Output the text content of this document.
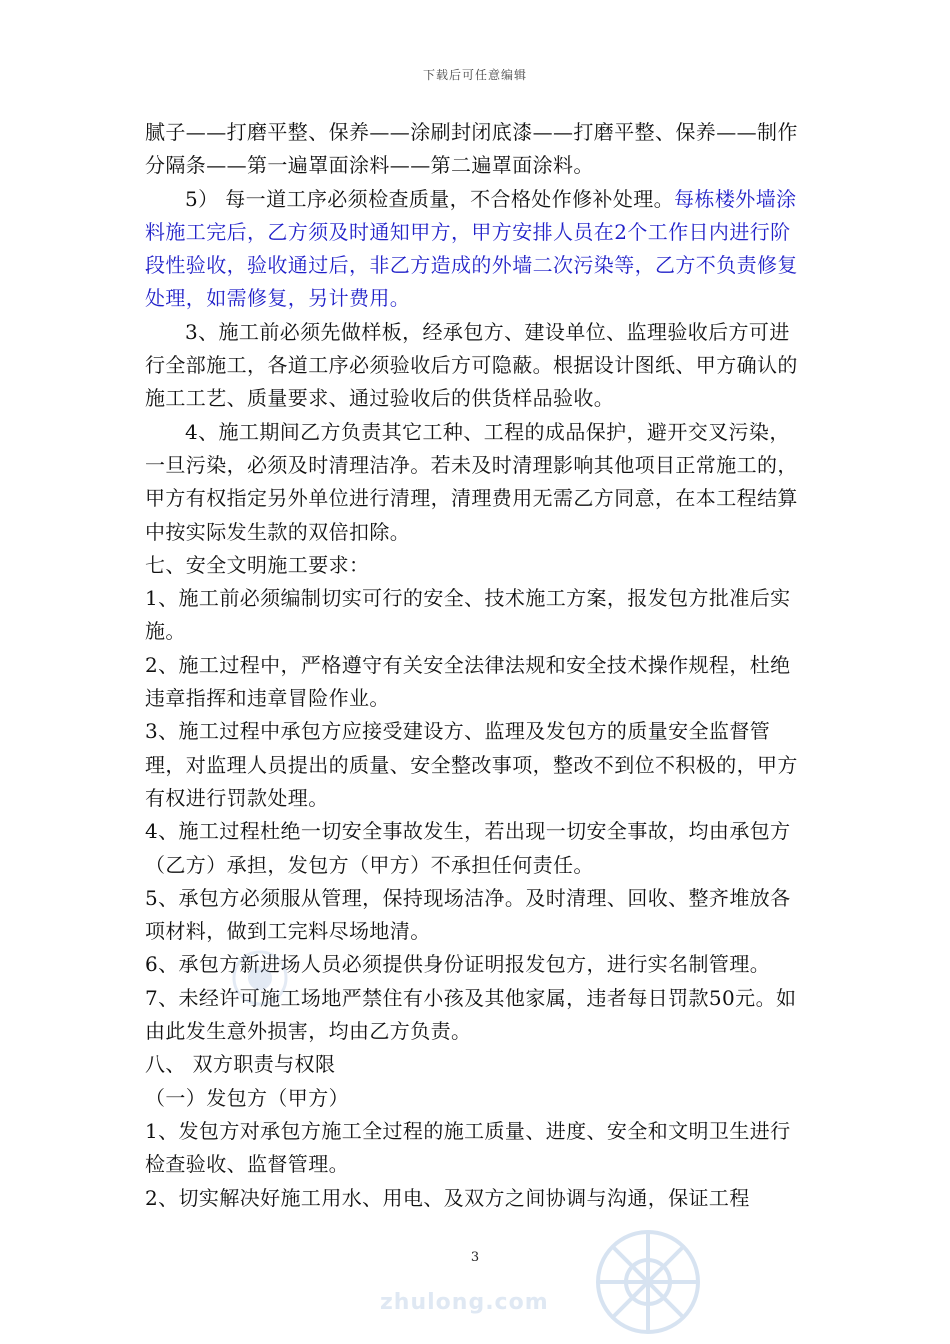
下载后可任意编辑

腻子——打磨平整、保养——涂刷封闭底漆——打磨平整、保养——制作分隔条——第一遍罩面涂料——第二遍罩面涂料。

5） 每一道工序必须检查质量，不合格处作修补处理。每栋楼外墙涂料施工完后，乙方须及时通知甲方，甲方安排人员在2个工作日内进行阶段性验收，验收通过后，非乙方造成的外墙二次污染等，乙方不负责修复处理，如需修复，另计费用。

3、施工前必须先做样板，经承包方、建设单位、监理验收后方可进行全部施工，各道工序必须验收后方可隐蔽。根据设计图纸、甲方确认的施工工艺、质量要求、通过验收后的供货样品验收。

4、施工期间乙方负责其它工种、工程的成品保护，避开交叉污染，一旦污染，必须及时清理洁净。若未及时清理影响其他项目正常施工的，甲方有权指定另外单位进行清理，清理费用无需乙方同意，在本工程结算中按实际发生款的双倍扣除。

七、安全文明施工要求：

1、施工前必须编制切实可行的安全、技术施工方案，报发包方批准后实施。

2、施工过程中，严格遵守有关安全法律法规和安全技术操作规程，杜绝违章指挥和违章冒险作业。

3、施工过程中承包方应接受建设方、监理及发包方的质量安全监督管理，对监理人员提出的质量、安全整改事项，整改不到位不积极的，甲方有权进行罚款处理。

4、施工过程杜绝一切安全事故发生，若出现一切安全事故，均由承包方（乙方）承担，发包方（甲方）不承担任何责任。

5、承包方必须服从管理，保持现场洁净。及时清理、回收、整齐堆放各项材料，做到工完料尽场地清。

6、承包方新进场人员必须提供身份证明报发包方，进行实名制管理。

7、未经许可施工场地严禁住有小孩及其他家属，违者每日罚款50元。如由此发生意外损害，均由乙方负责。

八、 双方职责与权限

（一）发包方（甲方）

1、发包方对承包方施工全过程的施工质量、进度、安全和文明卫生进行检查验收、监督管理。

2、切实解决好施工用水、用电、及双方之间协调与沟通，保证工程

3
zhulong.com
